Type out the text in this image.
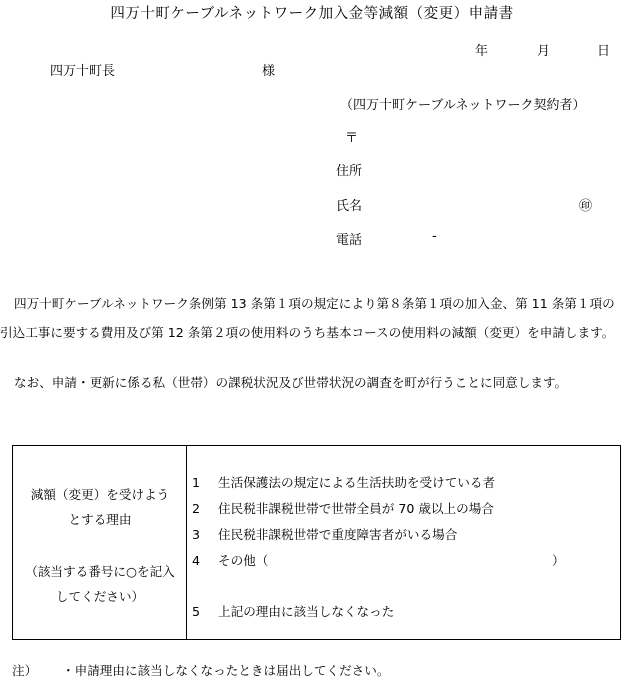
四万十町ケーブルネットワーク加入金等減額（変更）申請書
年	月	日
四万十町長	様
（四万十町ケーブルネットワーク契約者）
〒
住所
氏名	㊞
電話	-
四万十町ケーブルネットワーク条例第 13 条第１項の規定により第８条第１項の加入金、第 11 条第１項の引込工事に要する費用及び第 12 条第２項の使用料のうち基本コースの使用料の減額（変更）を申請します。
なお、申請・更新に係る私（世帯）の課税状況及び世帯状況の調査を町が行うことに同意します。
減額（変更）を受けようとする理由
（該当する番号に○を記入してください）
1 生活保護法の規定による生活扶助を受けている者
2 住民税非課税世帯で世帯全員が 70 歳以上の場合
3 住民税非課税世帯で重度障害者がいる場合
4 その他（	）
5 上記の理由に該当しなくなった
注） ・申請理由に該当しなくなったときは届出してください。
